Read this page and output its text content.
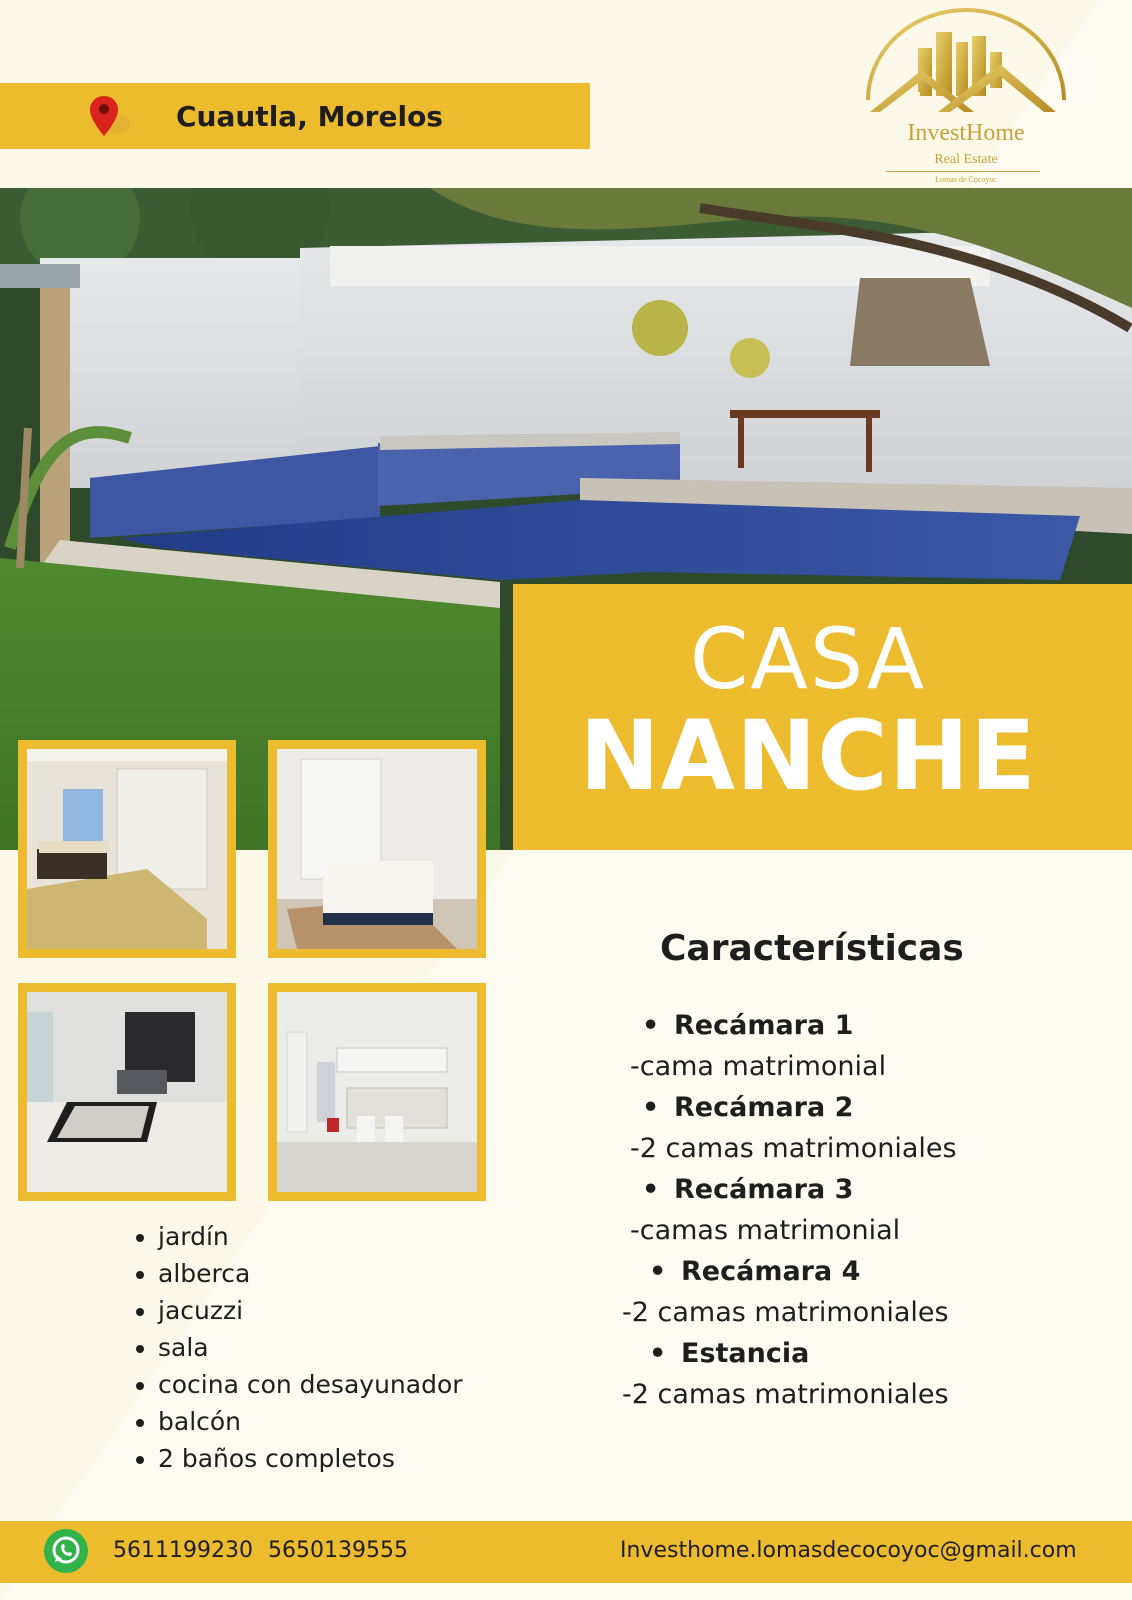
Cuautla, Morelos	InvestHome
Real Estate
Lomas de Cocoyoc
CASA
NANCHE
• jardín
• alberca
• jacuzzi
• sala
• cocina con desayunador
• balcón
• 2 baños completos
Características
• Recámara 1
-cama matrimonial
• Recámara 2
-2 camas matrimoniales
• Recámara 3
-camas matrimonial
• Recámara 4
-2 camas matrimoniales
• Estancia
-2 camas matrimoniales
5611199230 5650139555	Investhome.lomasdecocoyoc@gmail.com
